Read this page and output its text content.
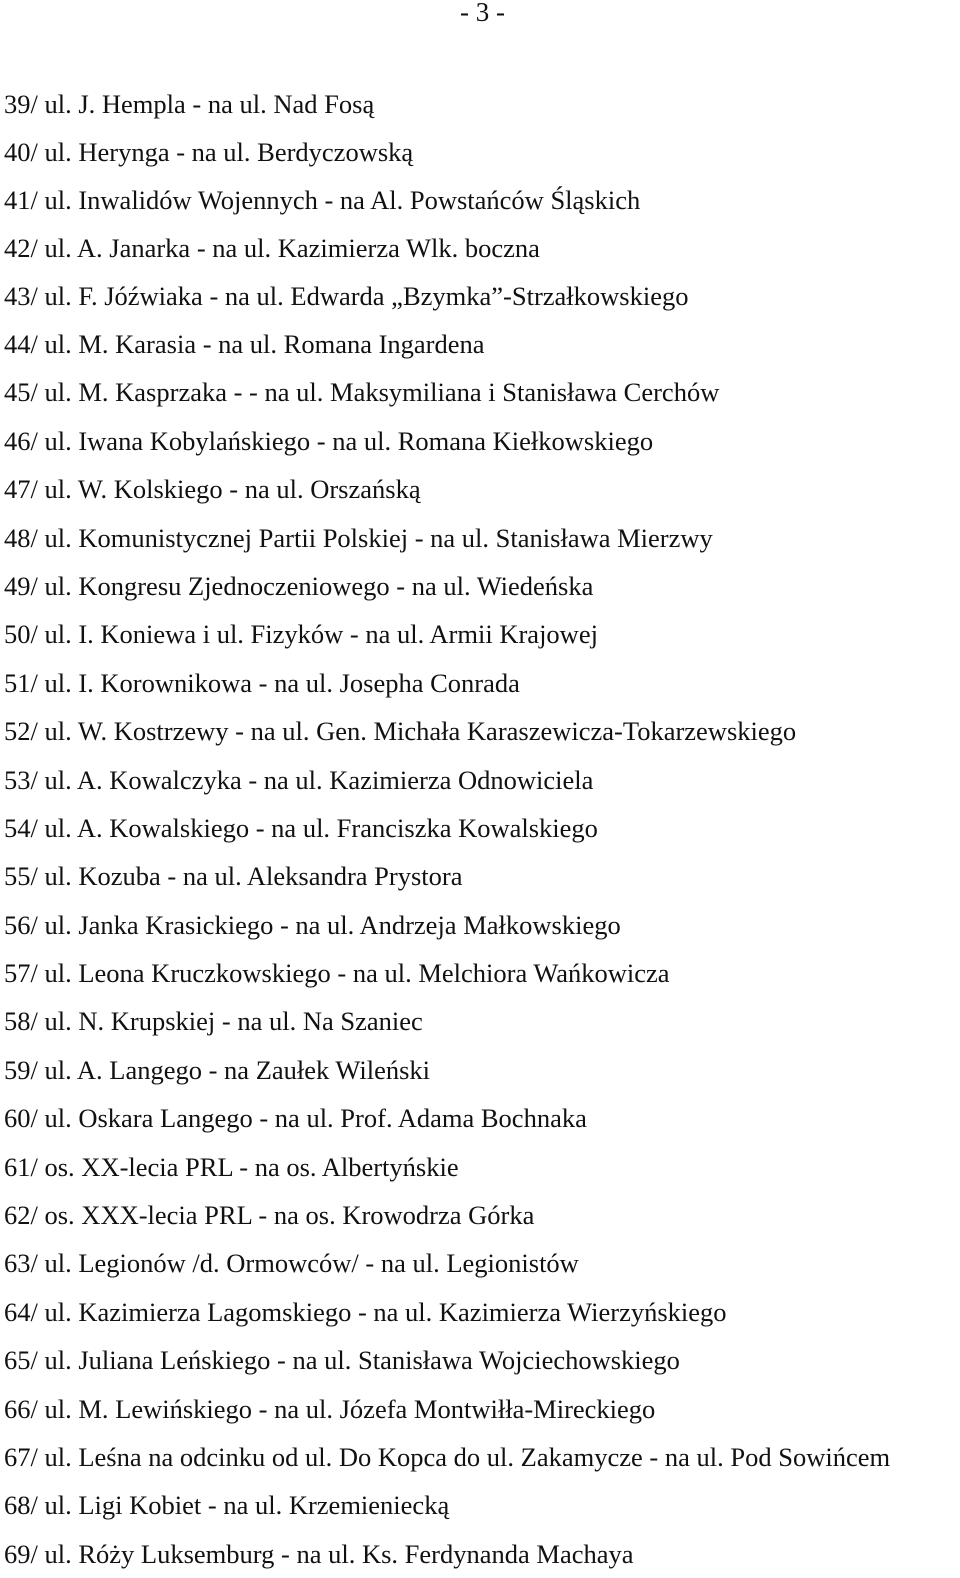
- 3 -
39/ ul. J. Hempla - na ul. Nad Fosą
40/ ul. Herynga - na ul. Berdyczowską
41/ ul. Inwalidów Wojennych - na Al. Powstańców Śląskich
42/ ul. A. Janarka - na ul. Kazimierza Wlk. boczna
43/ ul. F. Jóźwiaka - na ul. Edwarda „Bzymka”-Strzałkowskiego
44/ ul. M. Karasia - na ul. Romana Ingardena
45/ ul. M. Kasprzaka - - na ul. Maksymiliana i Stanisława Cerchów
46/ ul. Iwana Kobylańskiego - na ul. Romana Kiełkowskiego
47/ ul. W. Kolskiego - na ul. Orszańską
48/ ul. Komunistycznej Partii Polskiej - na ul. Stanisława Mierzwy
49/ ul. Kongresu Zjednoczeniowego - na ul. Wiedeńska
50/ ul. I. Koniewa i ul. Fizyków - na ul. Armii Krajowej
51/ ul. I. Korownikowa - na ul. Josepha Conrada
52/ ul. W. Kostrzewy - na ul. Gen. Michała Karaszewicza-Tokarzewskiego
53/ ul. A. Kowalczyka - na ul. Kazimierza Odnowiciela
54/ ul. A. Kowalskiego - na ul. Franciszka Kowalskiego
55/ ul. Kozuba - na ul. Aleksandra Prystora
56/ ul. Janka Krasickiego - na ul. Andrzeja Małkowskiego
57/ ul. Leona Kruczkowskiego - na ul. Melchiora Wańkowicza
58/ ul. N. Krupskiej - na ul. Na Szaniec
59/ ul. A. Langego - na Zaułek Wileński
60/ ul. Oskara Langego - na ul. Prof. Adama Bochnaka
61/ os. XX-lecia PRL - na os. Albertyńskie
62/ os. XXX-lecia PRL - na os. Krowodrza Górka
63/ ul. Legionów /d. Ormowców/ - na ul. Legionistów
64/ ul. Kazimierza Lagomskiego - na ul. Kazimierza Wierzyńskiego
65/ ul. Juliana Leńskiego - na ul. Stanisława Wojciechowskiego
66/ ul. M. Lewińskiego - na ul. Józefa Montwiłła-Mireckiego
67/ ul. Leśna na odcinku od ul. Do Kopca do ul. Zakamycze - na ul. Pod Sowińcem
68/ ul. Ligi Kobiet - na ul. Krzemieniecką
69/ ul. Róży Luksemburg - na ul. Ks. Ferdynanda Machaya
